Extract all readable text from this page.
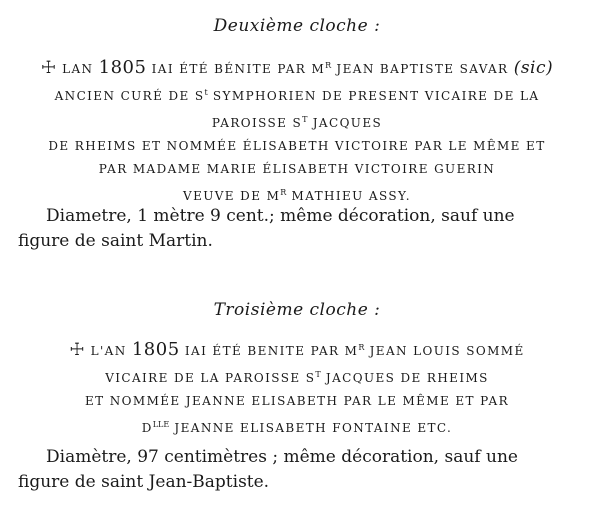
Deuxième cloche :
☩ LAN 1805 IAI ÉTÉ BÉNITE PAR $M^R$ JEAN BAPTISTE SAVAR (sic)
ANCIEN CURÉ DE $S^t$ SYMPHORIEN DE PRESENT VICAIRE DE LA
PAROISSE $S^T$ JACQUES
DE RHEIMS ET NOMMÉE ÉLISABETH VICTOIRE PAR LE MÊME ET
PAR MADAME MARIE ÉLISABETH VICTOIRE GUERIN
VEUVE DE $M^R$ MATHIEU ASSY.
Diametre, 1 mètre 9 cent.; même décoration, sauf une
figure de saint Martin.
Troisième cloche :
☩ L'AN 1805 IAI ÉTÉ BENITE PAR $M^R$ JEAN LOUIS SOMMÉ
VICAIRE DE LA PAROISSE $S^T$ JACQUES DE RHEIMS
ET NOMMÉE JEANNE ELISABETH PAR LE MÊME ET PAR
$D^{LLE}$ JEANNE ELISABETH FONTAINE ETC.
Diamètre, 97 centimètres ; même décoration, sauf une
figure de saint Jean-Baptiste.
